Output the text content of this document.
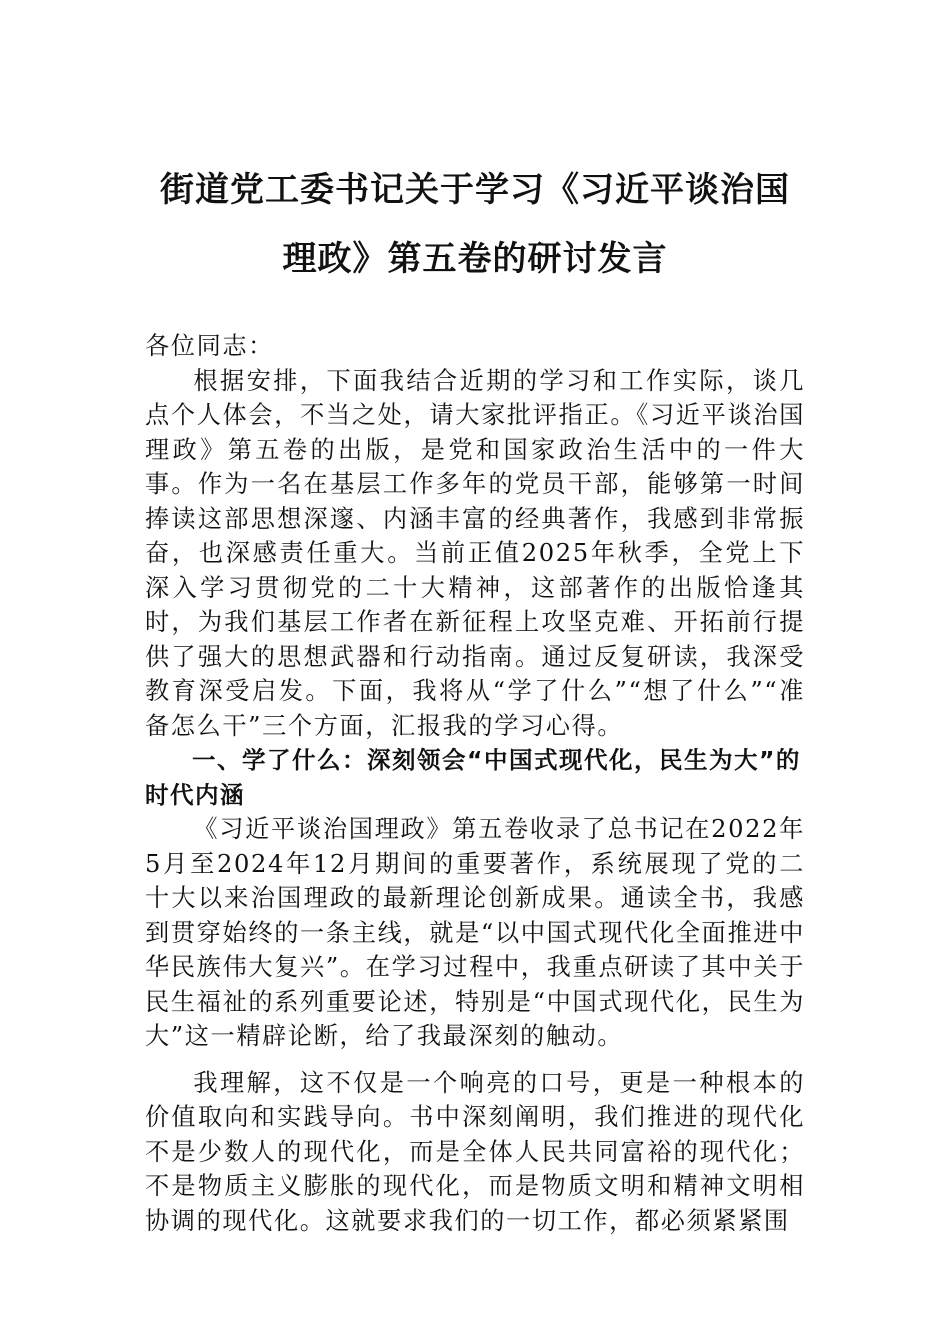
街道党工委书记关于学习《习近平谈治国
理政》第五卷的研讨发言

各位同志：

根据安排，下面我结合近期的学习和工作实际，谈几点个人体会，不当之处，请大家批评指正。《习近平谈治国理政》第五卷的出版，是党和国家政治生活中的一件大事。作为一名在基层工作多年的党员干部，能够第一时间捧读这部思想深邃、内涵丰富的经典著作，我感到非常振奋，也深感责任重大。当前正值2025年秋季，全党上下深入学习贯彻党的二十大精神，这部著作的出版恰逢其时，为我们基层工作者在新征程上攻坚克难、开拓前行提供了强大的思想武器和行动指南。通过反复研读，我深受教育深受启发。下面，我将从“学了什么”“想了什么”“准备怎么干”三个方面，汇报我的学习心得。

一、学了什么：深刻领会“中国式现代化，民生为大”的时代内涵

《习近平谈治国理政》第五卷收录了总书记在2022年5月至2024年12月期间的重要著作，系统展现了党的二十大以来治国理政的最新理论创新成果。通读全书，我感到贯穿始终的一条主线，就是“以中国式现代化全面推进中华民族伟大复兴”。在学习过程中，我重点研读了其中关于民生福祉的系列重要论述，特别是“中国式现代化，民生为大”这一精辟论断，给了我最深刻的触动。

我理解，这不仅是一个响亮的口号，更是一种根本的价值取向和实践导向。书中深刻阐明，我们推进的现代化不是少数人的现代化，而是全体人民共同富裕的现代化；不是物质主义膨胀的现代化，而是物质文明和精神文明相协调的现代化。这就要求我们的一切工作，都必须紧紧围
